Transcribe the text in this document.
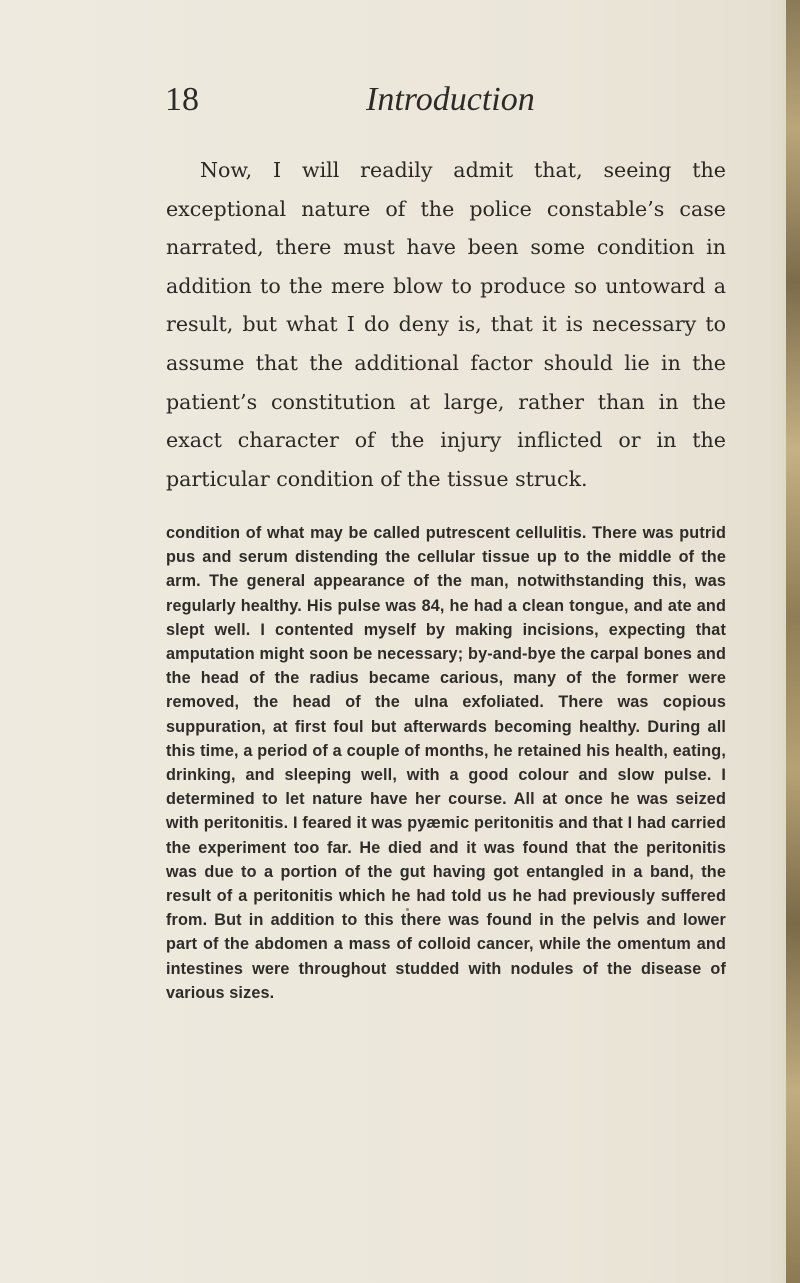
18	Introduction

Now, I will readily admit that, seeing the exceptional nature of the police constable’s case narrated, there must have been some condition in addition to the mere blow to produce so untoward a result, but what I do deny is, that it is necessary to assume that the additional factor should lie in the patient’s constitution at large, rather than in the exact character of the injury inflicted or in the particular condition of the tissue struck.

condition of what may be called putrescent cellulitis. There was putrid pus and serum distending the cellular tissue up to the middle of the arm. The general appearance of the man, notwithstanding this, was regularly healthy. His pulse was 84, he had a clean tongue, and ate and slept well. I contented myself by making incisions, expecting that amputation might soon be necessary; by-and-bye the carpal bones and the head of the radius became carious, many of the former were removed, the head of the ulna exfoliated. There was copious suppuration, at first foul but afterwards becoming healthy. During all this time, a period of a couple of months, he retained his health, eating, drinking, and sleeping well, with a good colour and slow pulse. I determined to let nature have her course. All at once he was seized with peritonitis. I feared it was pyæmic peritonitis and that I had carried the experiment too far. He died and it was found that the peritonitis was due to a portion of the gut having got entangled in a band, the result of a peritonitis which he had told us he had previously suffered from. But in addition to this there was found in the pelvis and lower part of the abdomen a mass of colloid cancer, while the omentum and intestines were throughout studded with nodules of the disease of various sizes.
